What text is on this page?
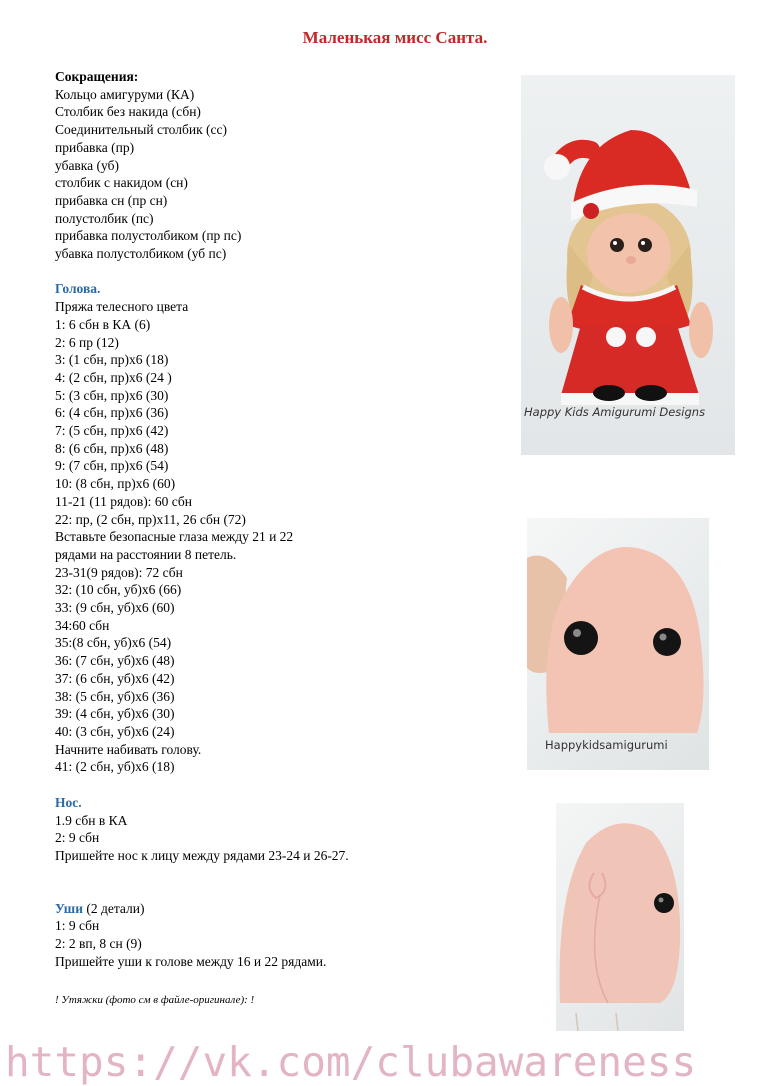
Маленькая мисс Санта.
Сокращения:
Кольцо амигуруми (КА)
Столбик без накида (сбн)
Соединительный столбик (сс)
прибавка (пр)
убавка (уб)
столбик с накидом (сн)
прибавка сн (пр сн)
полустолбик (пс)
прибавка полустолбиком (пр пс)
убавка полустолбиком (уб пс)
Голова.
Пряжа телесного цвета
1: 6 сбн в КА (6)
2: 6 пр (12)
3: (1 сбн, пр)х6 (18)
4: (2 сбн, пр)х6 (24 )
5: (3 сбн, пр)х6 (30)
6: (4 сбн, пр)х6 (36)
7: (5 сбн, пр)х6 (42)
8: (6 сбн, пр)х6 (48)
9: (7 сбн, пр)х6 (54)
10: (8 сбн, пр)х6 (60)
11-21 (11 рядов): 60 сбн
22: пр, (2 сбн, пр)х11, 26 сбн (72)
Вставьте безопасные глаза между 21 и 22
рядами на расстоянии 8 петель.
23-31(9 рядов): 72 сбн
32: (10 сбн, уб)х6 (66)
33: (9 сбн, уб)х6 (60)
34:60 сбн
35:(8 сбн, уб)х6 (54)
36: (7 сбн, уб)х6 (48)
37: (6 сбн, уб)х6 (42)
38: (5 сбн, уб)х6 (36)
39: (4 сбн, уб)х6 (30)
40: (3 сбн, уб)х6 (24)
Начните набивать голову.
41: (2 сбн, уб)х6 (18)
Нос.
1.9 сбн в КА
2: 9 сбн
Пришейте нос к лицу между рядами 23-24 и 26-27.
Уши (2 детали)
1: 9 сбн
2: 2 вп, 8 сн (9)
Пришейте уши к голове между 16 и 22 рядами.
! Утяжки (фото см в файле-оригинале): !
Happy Kids Amigurumi Designs
Happykidsamigurumi
https://vk.com/clubawareness
